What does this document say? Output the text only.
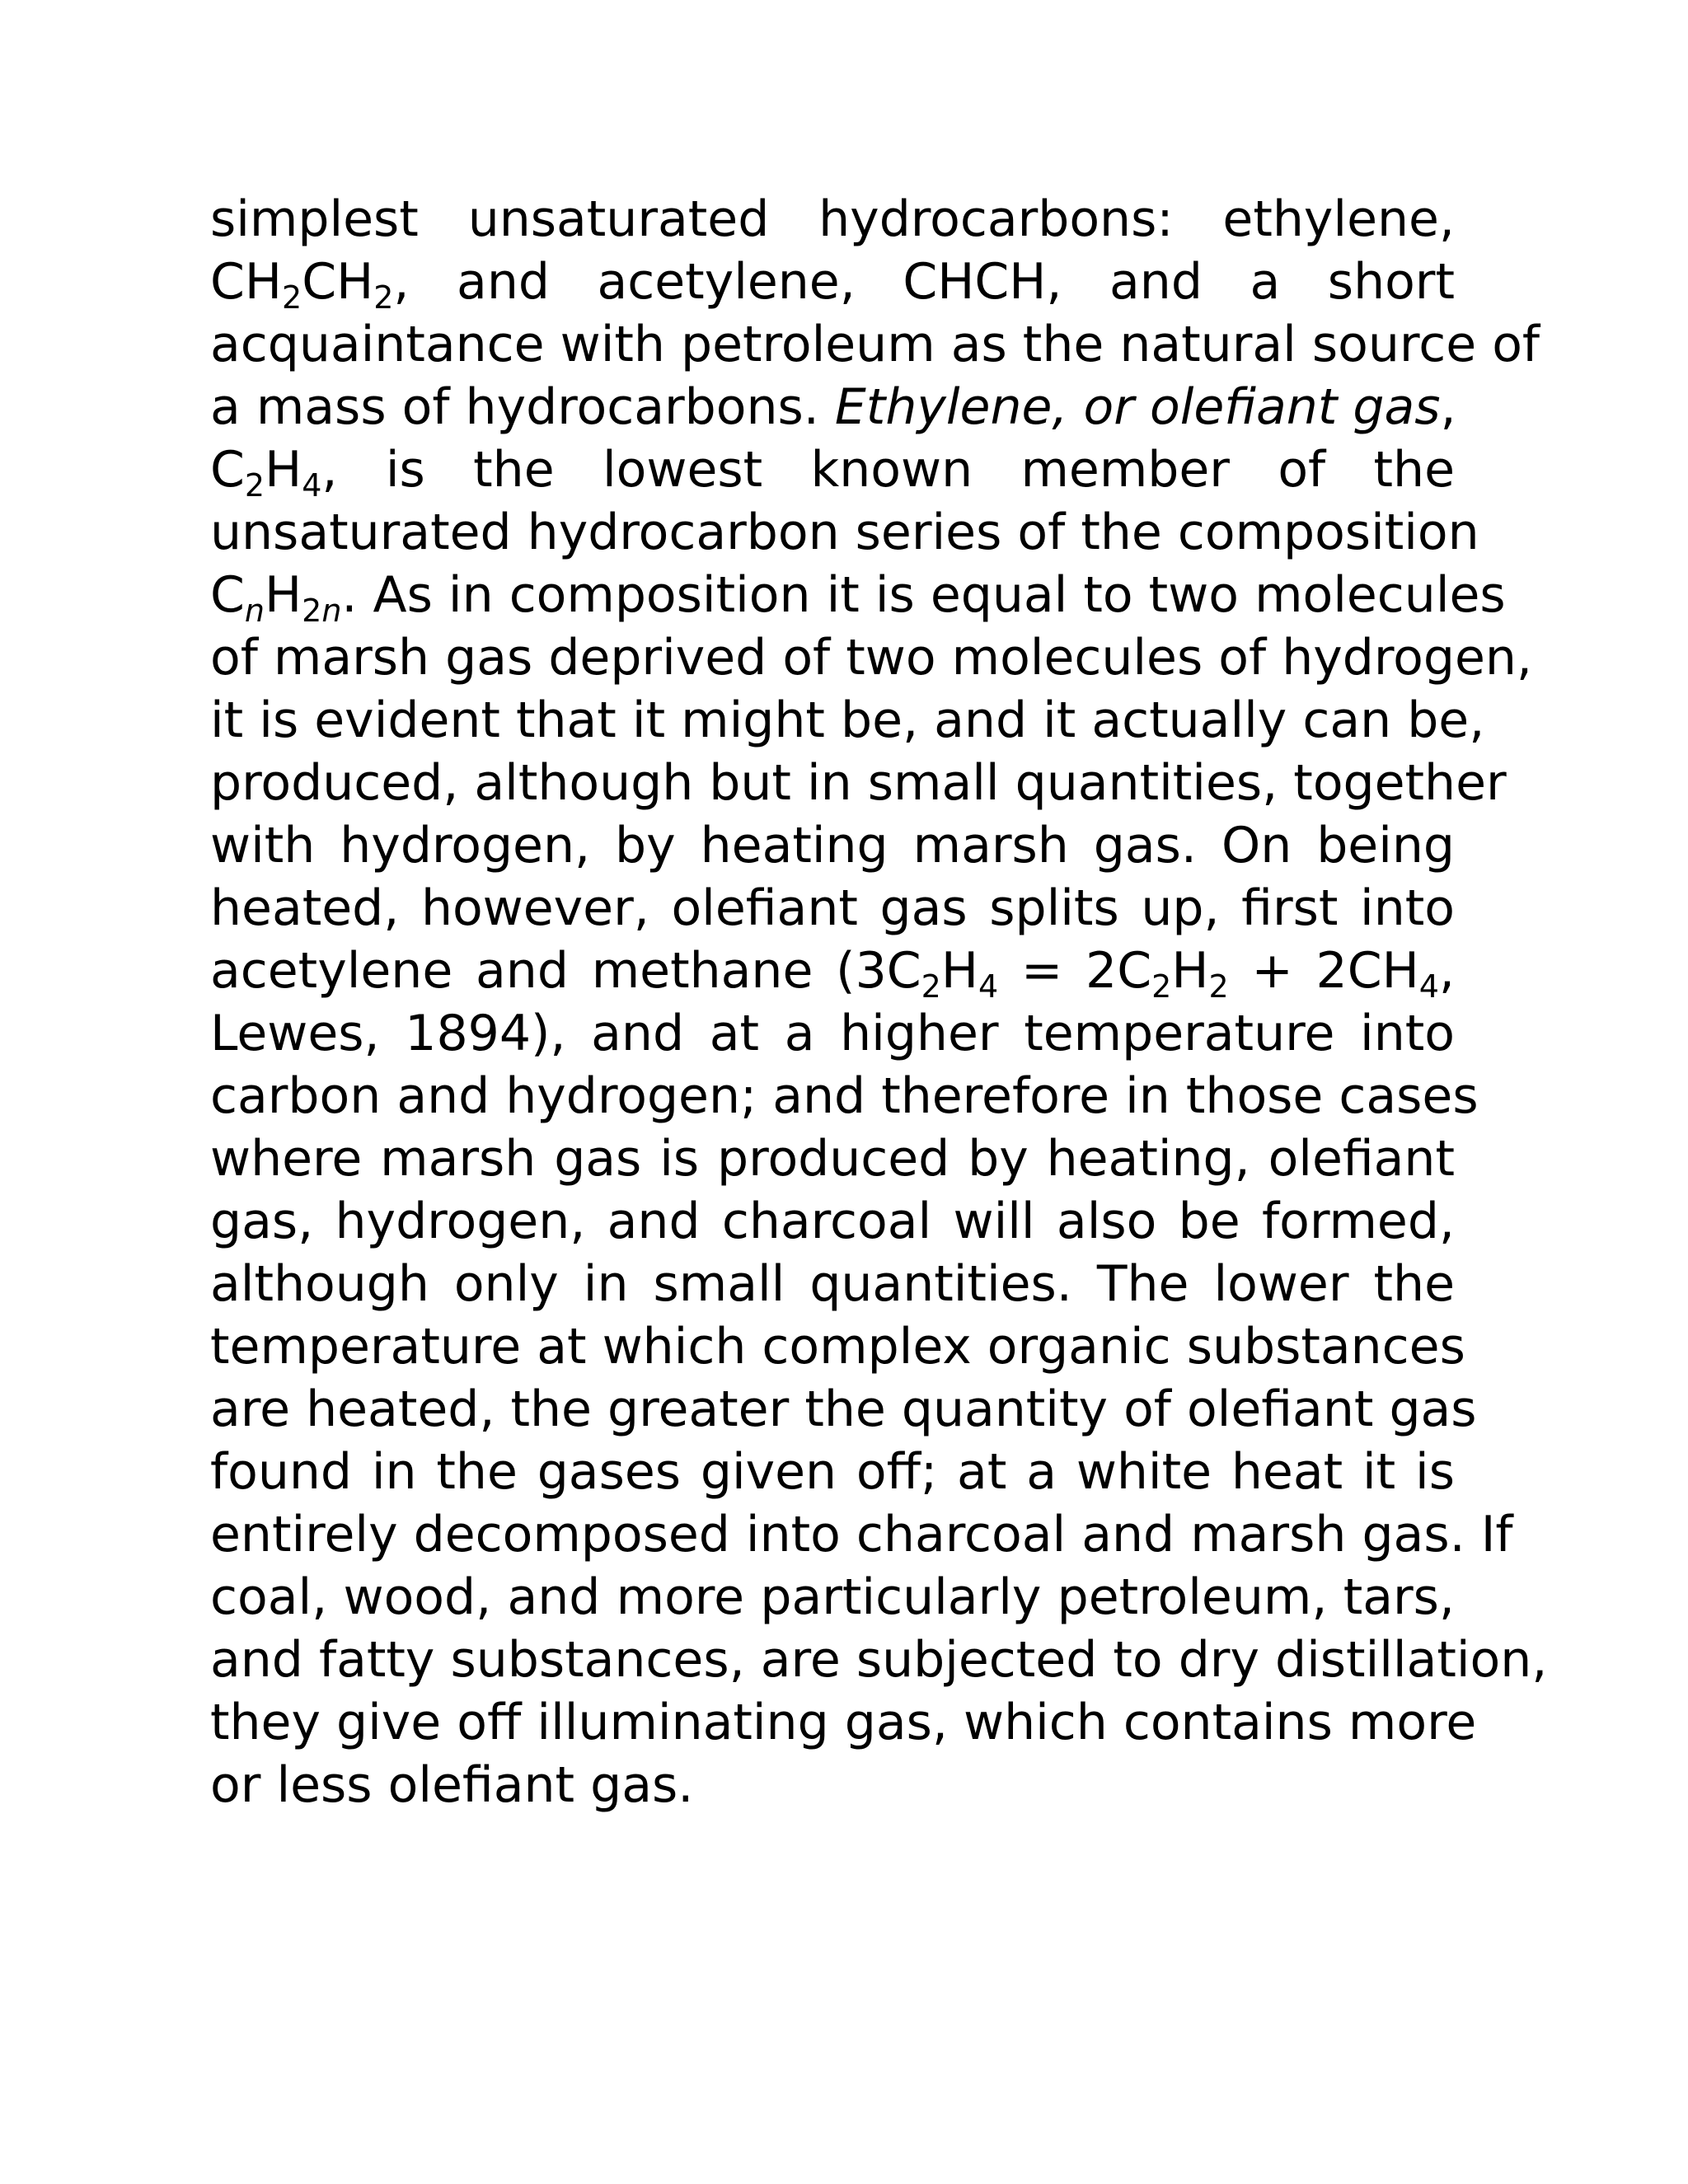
simplest unsaturated hydrocarbons: ethylene,
$CH_2CH_2$, and acetylene, CHCH, and a short
acquaintance with petroleum as the natural source of
a mass of hydrocarbons. Ethylene, or olefiant gas,
$C_2H_4$, is the lowest known member of the
unsaturated hydrocarbon series of the composition
$C_nH_{2n}$. As in composition it is equal to two molecules
of marsh gas deprived of two molecules of hydrogen,
it is evident that it might be, and it actually can be,
produced, although but in small quantities, together
with hydrogen, by heating marsh gas. On being
heated, however, olefiant gas splits up, first into
acetylene and methane ($3C_2H_4 = 2C_2H_2 + 2CH_4$,
Lewes, 1894), and at a higher temperature into
carbon and hydrogen; and therefore in those cases
where marsh gas is produced by heating, olefiant
gas, hydrogen, and charcoal will also be formed,
although only in small quantities. The lower the
temperature at which complex organic substances
are heated, the greater the quantity of olefiant gas
found in the gases given off; at a white heat it is
entirely decomposed into charcoal and marsh gas. If
coal, wood, and more particularly petroleum, tars,
and fatty substances, are subjected to dry distillation,
they give off illuminating gas, which contains more
or less olefiant gas.
